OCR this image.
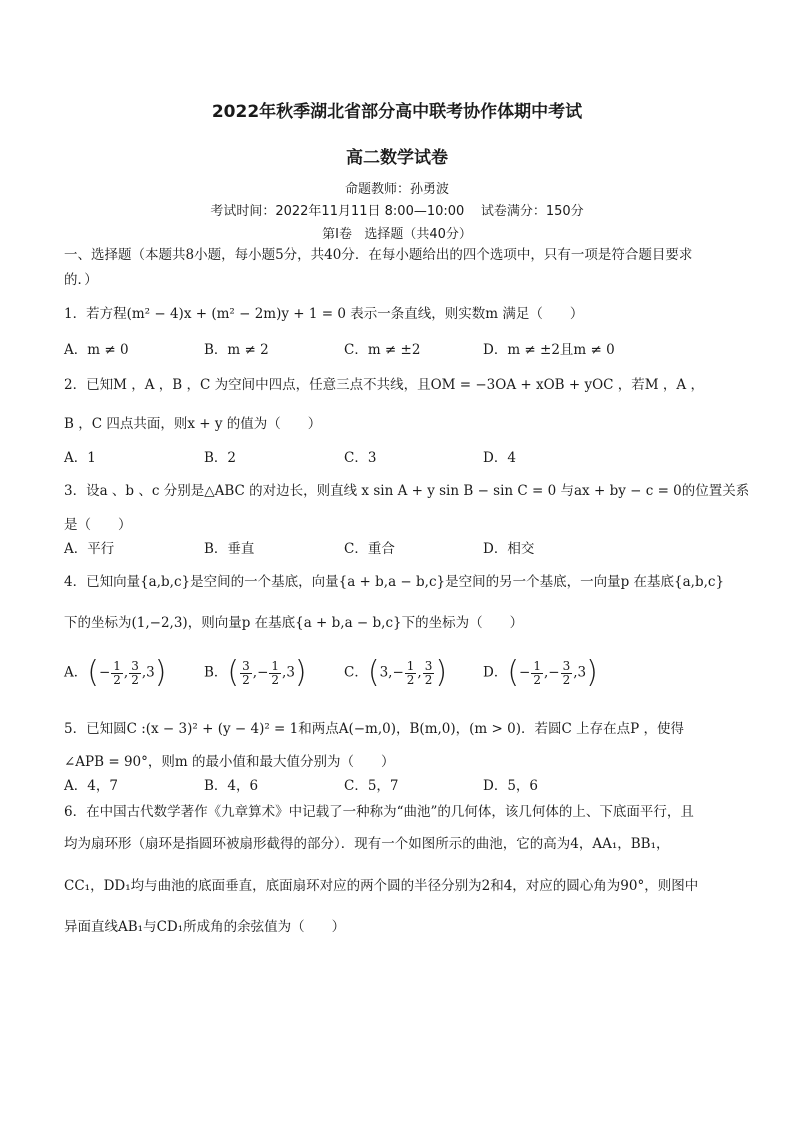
2022年秋季湖北省部分高中联考协作体期中考试
高二数学试卷
命题教师：孙勇波
考试时间：2022年11月11日 8:00—10:00    试卷满分：150分
第Ⅰ卷   选择题（共40分）
一、选择题（本题共8小题，每小题5分，共40分．在每小题给出的四个选项中，只有一项是符合题目要求
的．）
1．若方程(m² − 4)x + (m² − 2m)y + 1 = 0 表示一条直线，则实数m 满足（　　）
A．m ≠ 0	B．m ≠ 2	C．m ≠ ±2	D．m ≠ ±2且m ≠ 0
2．已知M ，A ，B ，C 为空间中四点，任意三点不共线，且OM = −3OA + xOB + yOC ，若M ，A ，
B ，C 四点共面，则x + y 的值为（　　）
A．1	B．2	C．3	D．4
3．设a 、b 、c 分别是△ABC 的对边长，则直线 x sin A + y sin B − sin C = 0 与ax + by − c = 0的位置关系
是（　　）
A．平行	B．垂直	C．重合	D．相交
4．已知向量{a,b,c}是空间的一个基底，向量{a + b,a − b,c}是空间的另一个基底，一向量p 在基底{a,b,c}
下的坐标为(1,−2,3)，则向量p 在基底{a + b,a − b,c}下的坐标为（　　）
A．(− $\frac{1}{2}$ , $\frac{3}{2} ,3$)	B．( $\frac{3}{2}$ ,− $\frac{1}{2} ,3$)	C．($3,- \frac{1}{2}$ , $\frac{3}{2}$ )	D．(− $\frac{1}{2}$ ,− $\frac{3}{2} ,3$)
5．已知圆C :(x − 3)² + (y − 4)² = 1和两点A(−m,0)，B(m,0)，(m > 0)．若圆C 上存在点P ，使得
∠APB = 90°，则m 的最小值和最大值分别为（　　）
A．4，7	B．4，6	C．5，7	D．5，6
6．在中国古代数学著作《九章算术》中记载了一种称为“曲池”的几何体，该几何体的上、下底面平行，且
均为扇环形（扇环是指圆环被扇形截得的部分）．现有一个如图所示的曲池，它的高为4，AA₁，BB₁，
CC₁，DD₁均与曲池的底面垂直，底面扇环对应的两个圆的半径分别为2和4，对应的圆心角为90°，则图中
异面直线AB₁与CD₁所成角的余弦值为（　　）
